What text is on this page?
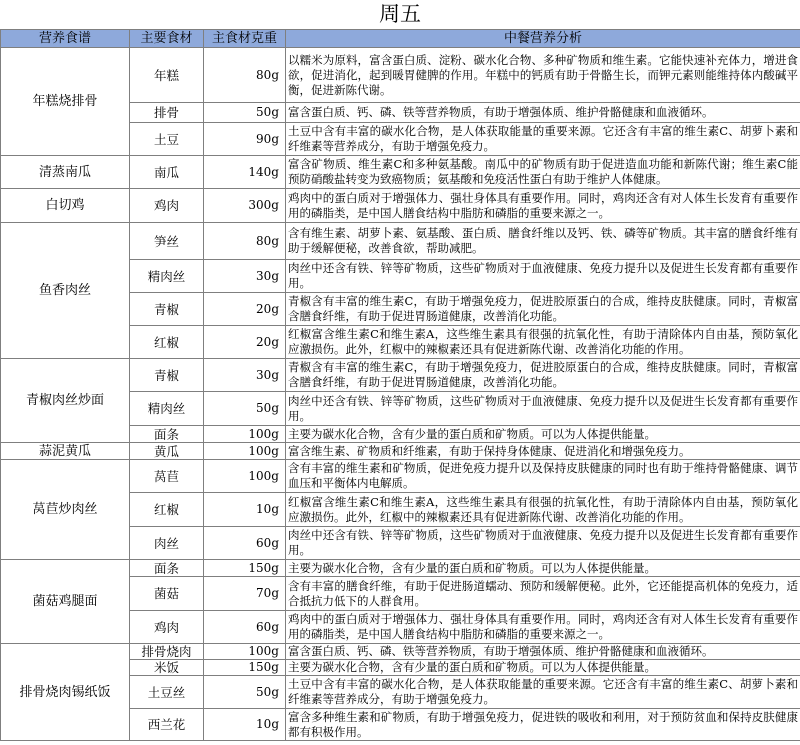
周五
营养食谱	主要食材	主食材克重	中餐营养分析
年糕烧排骨	年糕	80g	以糯米为原料，富含蛋白质、淀粉、碳水化合物、多种矿物质和维生素。它能快速补充体力，增进食欲，促进消化，起到暖胃健脾的作用。年糕中的钙质有助于骨骼生长，而钾元素则能维持体内酸碱平衡，促进新陈代谢。
	排骨	50g	富含蛋白质、钙、磷、铁等营养物质，有助于增强体质、维护骨骼健康和血液循环。
	土豆	90g	土豆中含有丰富的碳水化合物，是人体获取能量的重要来源。它还含有丰富的维生素C、胡萝卜素和纤维素等营养成分，有助于增强免疫力。
清蒸南瓜	南瓜	140g	富含矿物质、维生素C和多种氨基酸。南瓜中的矿物质有助于促进造血功能和新陈代谢；维生素C能预防硝酸盐转变为致癌物质；氨基酸和免疫活性蛋白有助于维护人体健康。
白切鸡	鸡肉	300g	鸡肉中的蛋白质对于增强体力、强壮身体具有重要作用。同时，鸡肉还含有对人体生长发育有重要作用的磷脂类，是中国人膳食结构中脂肪和磷脂的重要来源之一。
鱼香肉丝	笋丝	80g	含有维生素、胡萝卜素、氨基酸、蛋白质、膳食纤维以及钙、铁、磷等矿物质。其丰富的膳食纤维有助于缓解便秘，改善食欲，帮助减肥。
	精肉丝	30g	肉丝中还含有铁、锌等矿物质，这些矿物质对于血液健康、免疫力提升以及促进生长发育都有重要作用。
	青椒	20g	青椒含有丰富的维生素C，有助于增强免疫力，促进胶原蛋白的合成，维持皮肤健康。同时，青椒富含膳食纤维，有助于促进胃肠道健康，改善消化功能。
	红椒	20g	红椒富含维生素C和维生素A，这些维生素具有很强的抗氧化性，有助于清除体内自由基，预防氧化应激损伤。此外，红椒中的辣椒素还具有促进新陈代谢、改善消化功能的作用。
青椒肉丝炒面	青椒	30g	青椒含有丰富的维生素C，有助于增强免疫力，促进胶原蛋白的合成，维持皮肤健康。同时，青椒富含膳食纤维，有助于促进胃肠道健康，改善消化功能。
	精肉丝	50g	肉丝中还含有铁、锌等矿物质，这些矿物质对于血液健康、免疫力提升以及促进生长发育都有重要作用。
	面条	100g	主要为碳水化合物，含有少量的蛋白质和矿物质。可以为人体提供能量。
蒜泥黄瓜	黄瓜	100g	富含维生素、矿物质和纤维素，有助于保持身体健康、促进消化和增强免疫力。
莴苣炒肉丝	莴苣	100g	含有丰富的维生素和矿物质，促进免疫力提升以及保持皮肤健康的同时也有助于维持骨骼健康、调节血压和平衡体内电解质。
	红椒	10g	红椒富含维生素C和维生素A，这些维生素具有很强的抗氧化性，有助于清除体内自由基，预防氧化应激损伤。此外，红椒中的辣椒素还具有促进新陈代谢、改善消化功能的作用。
	肉丝	60g	肉丝中还含有铁、锌等矿物质，这些矿物质对于血液健康、免疫力提升以及促进生长发育都有重要作用。
菌菇鸡腿面	面条	150g	主要为碳水化合物，含有少量的蛋白质和矿物质。可以为人体提供能量。
	菌菇	70g	含有丰富的膳食纤维，有助于促进肠道蠕动、预防和缓解便秘。此外，它还能提高机体的免疫力，适合抵抗力低下的人群食用。
	鸡肉	60g	鸡肉中的蛋白质对于增强体力、强壮身体具有重要作用。同时，鸡肉还含有对人体生长发育有重要作用的磷脂类，是中国人膳食结构中脂肪和磷脂的重要来源之一。
排骨烧肉锡纸饭	排骨烧肉	100g	富含蛋白质、钙、磷、铁等营养物质，有助于增强体质、维护骨骼健康和血液循环。
	米饭	150g	主要为碳水化合物，含有少量的蛋白质和矿物质。可以为人体提供能量。
	土豆丝	50g	土豆中含有丰富的碳水化合物，是人体获取能量的重要来源。它还含有丰富的维生素C、胡萝卜素和纤维素等营养成分，有助于增强免疫力。
	西兰花	10g	富含多种维生素和矿物质，有助于增强免疫力，促进铁的吸收和利用，对于预防贫血和保持皮肤健康都有积极作用。
